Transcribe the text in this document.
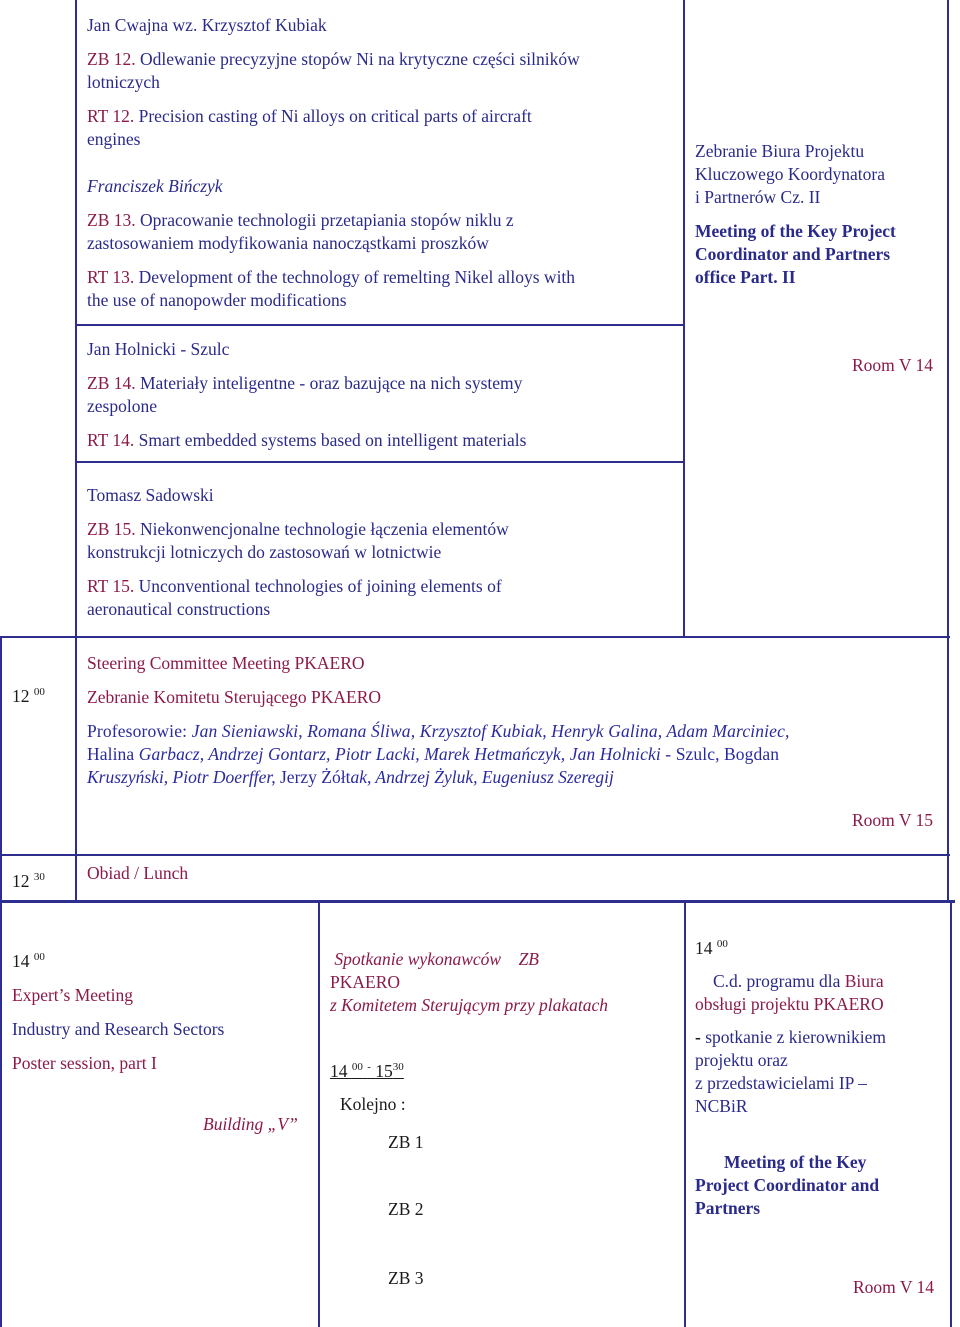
Jan Cwajna wz. Krzysztof Kubiak

ZB 12. Odlewanie precyzyjne stopów Ni na krytyczne części silników

lotniczych

RT 12. Precision casting of Ni alloys on critical parts of aircraft

engines

Franciszek Bińczyk

ZB 13. Opracowanie technologii przetapiania stopów niklu z

zastosowaniem modyfikowania nanocząstkami proszków

RT 13. Development of the technology of remelting Nikel alloys with

the use of nanopowder modifications

Zebranie Biura Projektu

Kluczowego Koordynatora

i Partnerów Cz. II

Meeting of the Key Project

Coordinator and Partners

office Part. II

Room V 14

Jan Holnicki - Szulc

ZB 14. Materiały inteligentne - oraz bazujące na nich systemy

zespolone

RT 14. Smart embedded systems based on intelligent materials

Tomasz Sadowski

ZB 15. Niekonwencjonalne technologie łączenia elementów

konstrukcji lotniczych do zastosowań w lotnictwie

RT 15. Unconventional technologies of joining elements of

aeronautical constructions

12 $^{00}$

Steering Committee Meeting PKAERO

Zebranie Komitetu Sterującego PKAERO

Profesorowie: Jan Sieniawski, Romana Śliwa, Krzysztof Kubiak, Henryk Galina, Adam Marciniec,

Halina Garbacz, Andrzej Gontarz, Piotr Lacki, Marek Hetmańczyk, Jan Holnicki - Szulc, Bogdan

Kruszyński, Piotr Doerffer, Jerzy Żółtak, Andrzej Żyluk, Eugeniusz Szeregij

Room V 15
12 $^{30}$ Obiad / Lunch

14 $^{00}$

Expert’s Meeting

Industry and Research Sectors

Poster session, part I

Building „V”

Spotkanie wykonawców ZB

PKAERO

z Komitetem Sterującym przy plakatach

14 $^{00}$ - $15^{30}$

Kolejno :

ZB 1
ZB 2
ZB 3

14 $^{00}$

C.d. programu dla Biura

obsługi projektu PKAERO

- spotkanie z kierownikiem

projektu oraz

z przedstawicielami IP –

NCBiR

Meeting of the Key

Project Coordinator and

Partners

Room V 14
